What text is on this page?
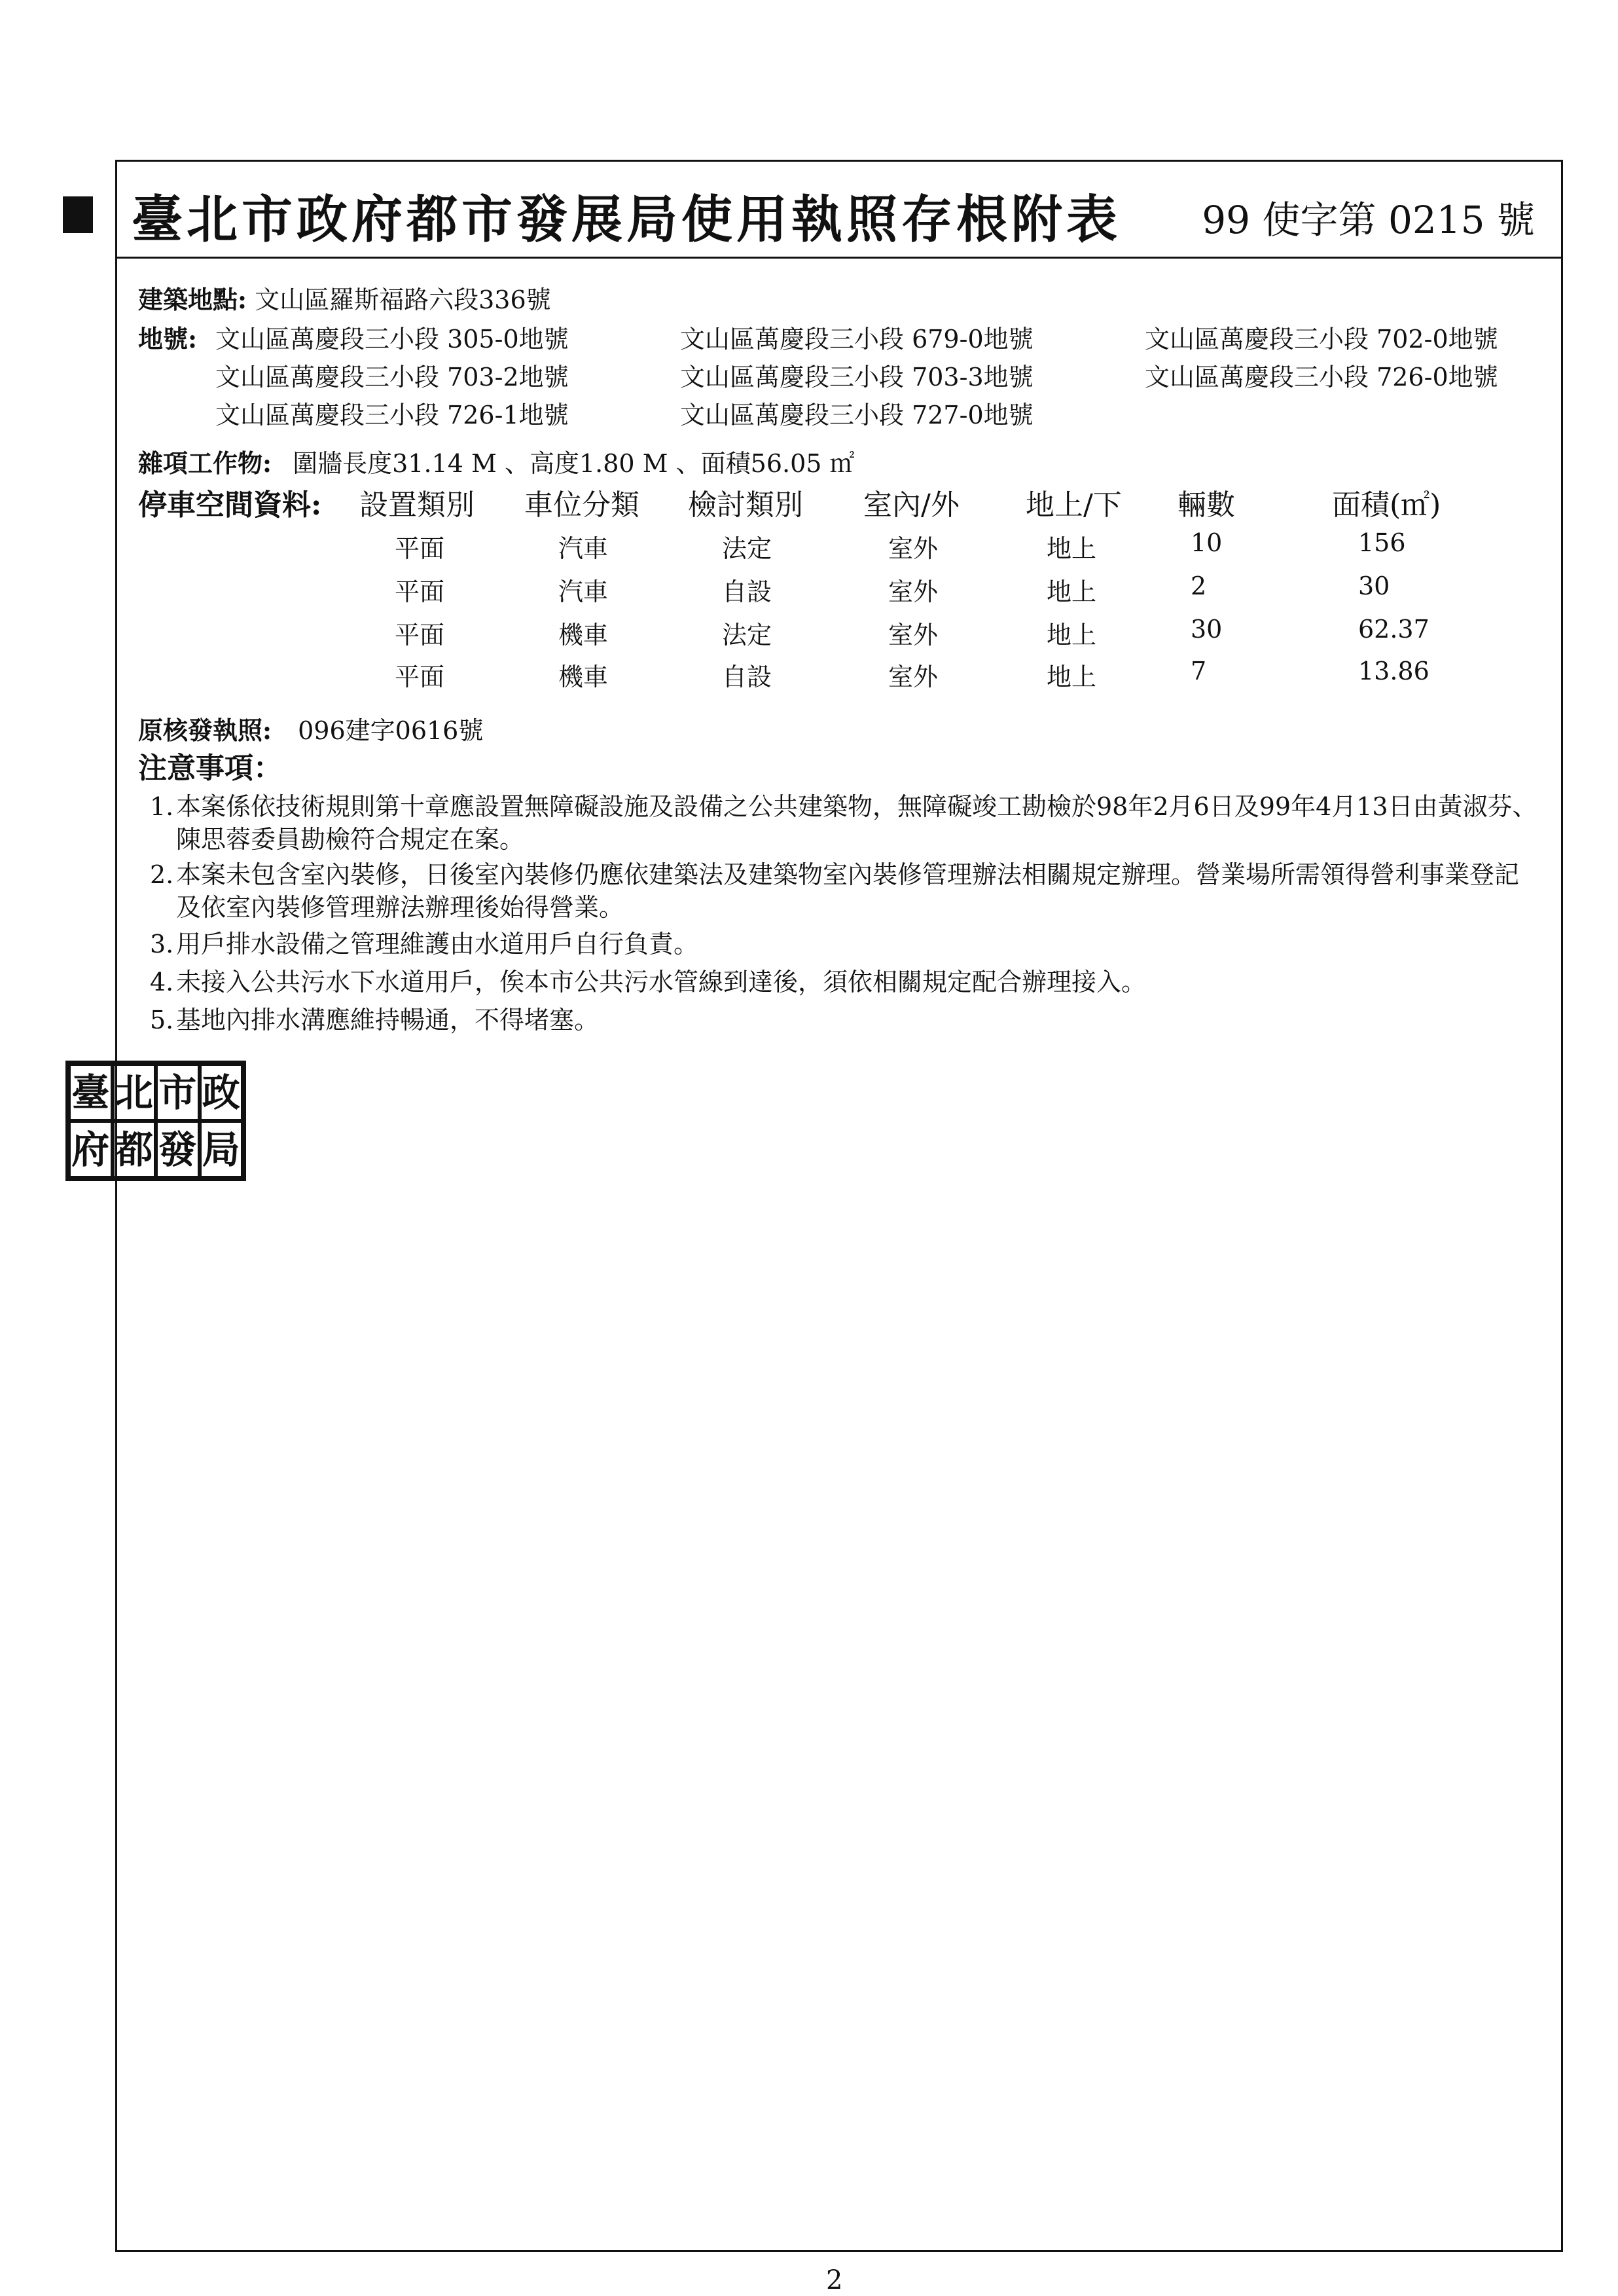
臺北市政府都市發展局使用執照存根附表 99 使字第 0215 號
建築地點: 文山區羅斯福路六段336號
地號: 文山區萬慶段三小段 305-0地號	文山區萬慶段三小段 679-0地號	文山區萬慶段三小段 702-0地號
文山區萬慶段三小段 703-2地號	文山區萬慶段三小段 703-3地號	文山區萬慶段三小段 726-0地號
文山區萬慶段三小段 726-1地號	文山區萬慶段三小段 727-0地號
雜項工作物: 圍牆長度31.14 M 、高度1.80 M 、面積56.05 ㎡
停車空間資料: 設置類別 車位分類 檢討類別 室內/外 地上/下 輛數	面積(㎡)
平面	汽車	法定	室外	地上	10	156
平面	汽車	自設	室外	地上	2	30
平面	機車	法定	室外	地上	30	62.37
平面	機車	自設	室外	地上	7	13.86
原核發執照: 096建字0616號
注意事項：
1.本案係依技術規則第十章應設置無障礙設施及設備之公共建築物，無障礙竣工勘檢於98年2月6日及99年4月13日由黃淑芬、陳思蓉委員勘檢符合規定在案。
2.本案未包含室內裝修，日後室內裝修仍應依建築法及建築物室內裝修管理辦法相關規定辦理。營業場所需領得營利事業登記及依室內裝修管理辦法辦理後始得營業。
3.用戶排水設備之管理維護由水道用戶自行負責。
4.未接入公共污水下水道用戶，俟本市公共污水管線到達後，須依相關規定配合辦理接入。
5.基地內排水溝應維持暢通，不得堵塞。
臺 北 市 政
府 都 發 局
2
